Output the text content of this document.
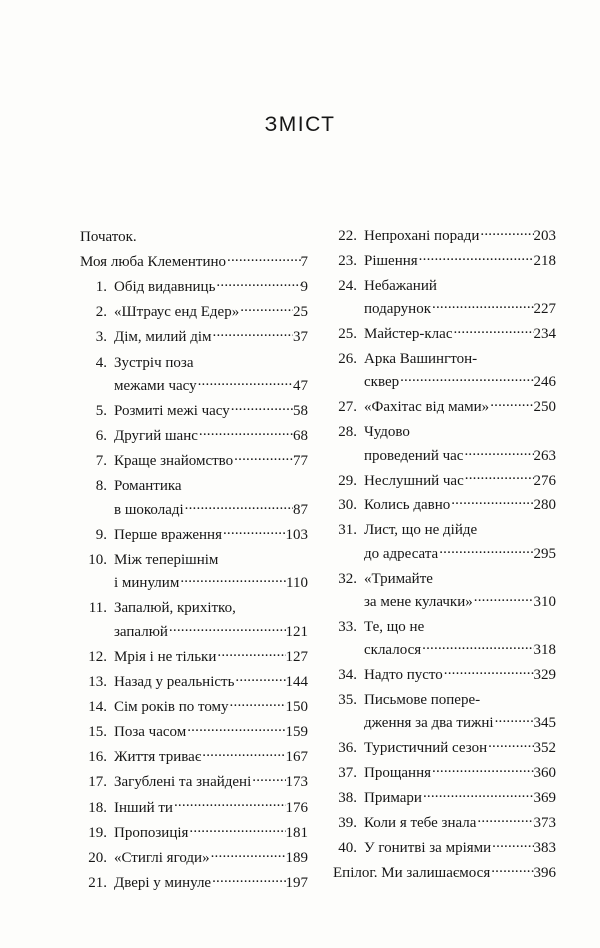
ЗМІСТ
Початок.
Моя люба Клементино .....	7
1. Обід видавниць .....	9
2. «Штраус енд Едер» .....	25
3. Дім, милий дім .....	37
4. Зустріч поза
межами часу .....	47
5. Розмиті межі часу .....	58
6. Другий шанс .....	68
7. Краще знайомство .....	77
8. Романтика
в шоколаді .....	87
9. Перше враження .....	103
10. Між теперішнім
і минулим .....	110
11. Запалюй, крихітко,
запалюй .....	121
12. Мрія і не тільки .....	127
13. Назад у реальність .....	144
14. Сім років по тому .....	150
15. Поза часом .....	159
16. Життя триває .....	167
17. Загублені та знайдені ..... 173
18. Інший ти .....	176
19. Пропозиція .....	181
20. «Стиглі ягоди» .....	189
21. Двері у минуле .....	197
22. Непрохані поради .....	203
23. Рішення .....	218
24. Небажаний
подарунок .....	227
25. Майстер-клас .....	234
26. Арка Вашингтон-
сквер .....	246
27. «Фахітас від мами» .....	250
28. Чудово
проведений час .....	263
29. Неслушний час .....	276
30. Колись давно .....	280
31. Лист, що не дійде
до адресата .....	295
32. «Тримайте
за мене кулачки» .....	310
33. Те, що не
склалося .....	318
34. Надто пусто .....	329
35. Письмове попере-
дження за два тижні .....	345
36. Туристичний сезон .....	352
37. Прощання .....	360
38. Примари .....	369
39. Коли я тебе знала .....	373
40. У гонитві за мріями .....	383
Епілог. Ми залишаємося .....	396
